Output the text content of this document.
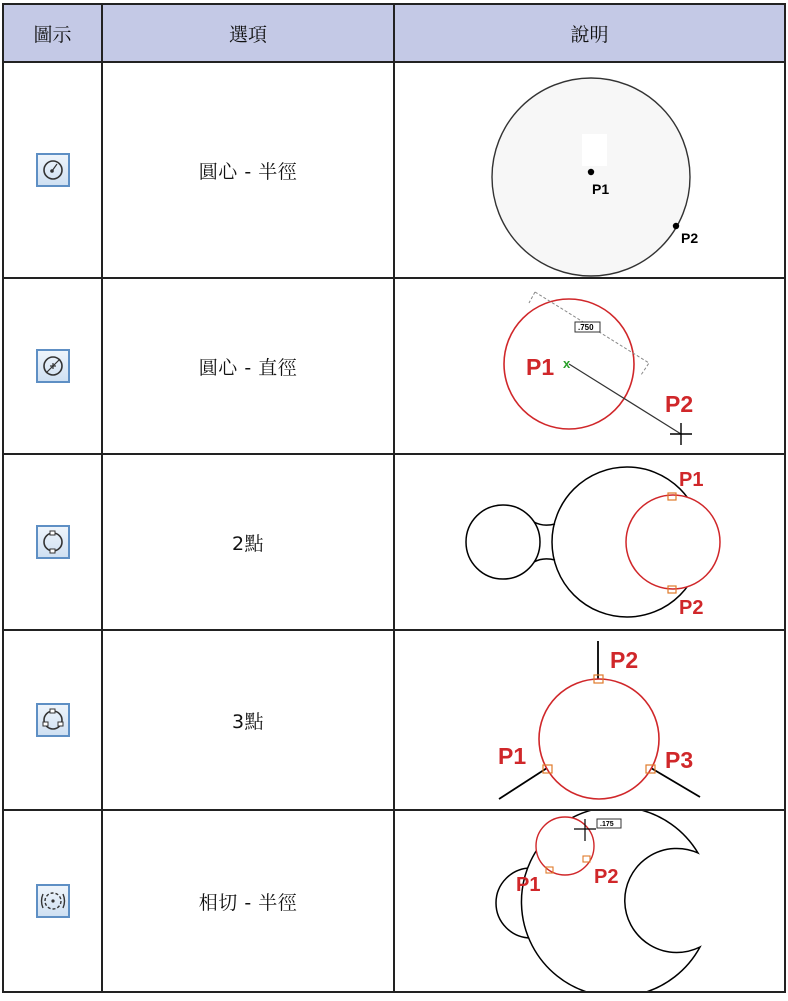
圖示	選項	說明

	圓心 - 半徑	P1
P2

	圓心 - 直徑	.750
x
P1
P2

	2點	P1
P2

	3點	P2
P1 P3

	相切 - 半徑	.175
P1 P2
